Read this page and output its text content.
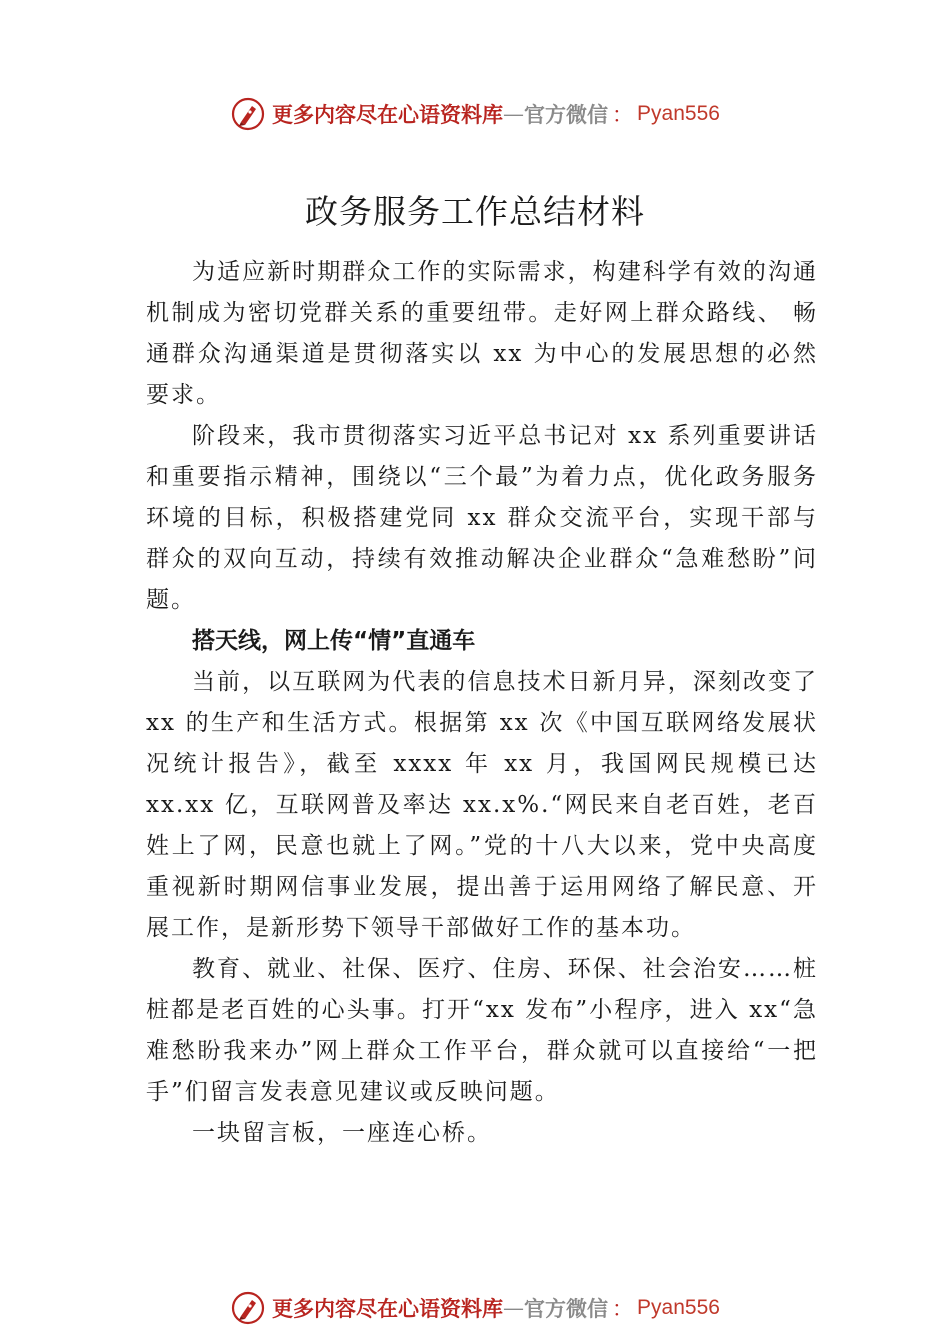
更多内容尽在心语资料库 — 官方微信 ： Pyan556
政务服务工作总结材料

为适应新时期群众工作的实际需求，构建科学有效的沟通机制成为密切党群关系的重要纽带。走好网上群众路线、 畅通群众沟通渠道是贯彻落实以 xx 为中心的发展思想的必然要求。

阶段来，我市贯彻落实习近平总书记对 xx 系列重要讲话和重要指示精神，围绕以“三个最”为着力点，优化政务服务环境的目标，积极搭建党同 xx 群众交流平台，实现干部与群众的双向互动，持续有效推动解决企业群众“急难愁盼”问题。

搭天线，网上传“情”直通车

当前，以互联网为代表的信息技术日新月异，深刻改变了 xx 的生产和生活方式。根据第 xx 次《中国互联网络发展状况统计报告》，截至 xxxx 年 xx 月，我国网民规模已达 xx.xx 亿，互联网普及率达 xx.x%.“网民来自老百姓，老百姓上了网，民意也就上了网。”党的十八大以来，党中央高度重视新时期网信事业发展，提出善于运用网络了解民意、开展工作，是新形势下领导干部做好工作的基本功。

教育、就业、社保、医疗、住房、环保、社会治安……桩桩都是老百姓的心头事。打开“xx 发布”小程序，进入 xx“急难愁盼我来办”网上群众工作平台，群众就可以直接给“一把手”们留言发表意见建议或反映问题。

一块留言板，一座连心桥。

更多内容尽在心语资料库 — 官方微信 ： Pyan556
